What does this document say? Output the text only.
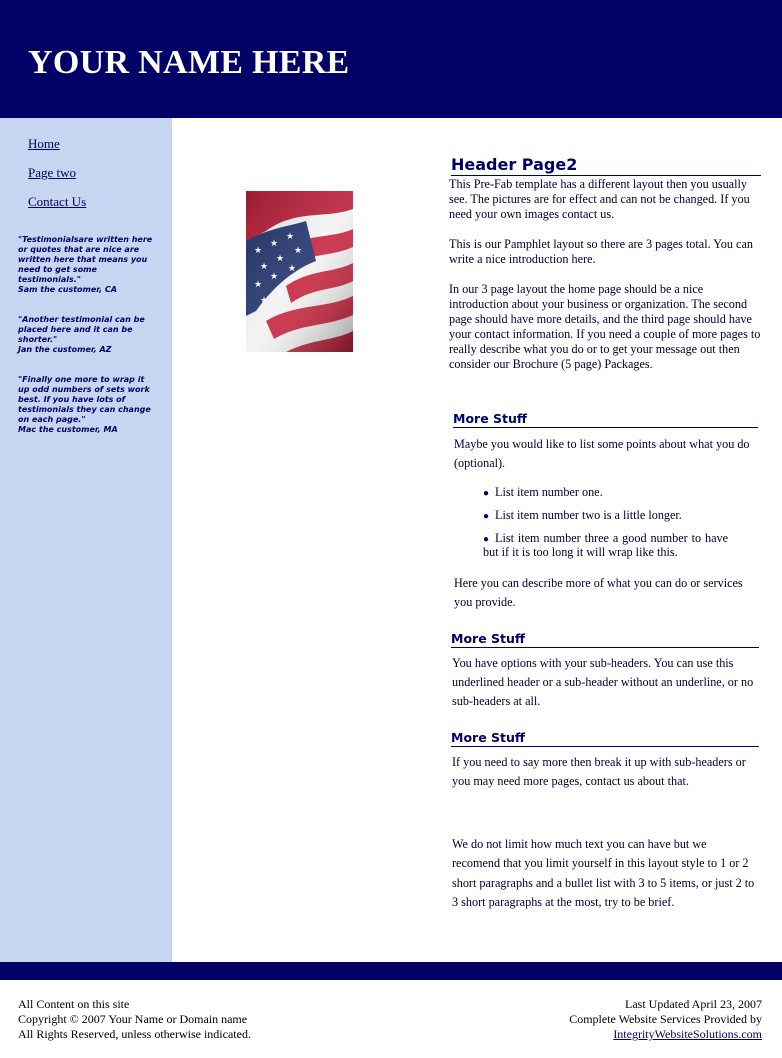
YOUR NAME HERE
Home
Page two
Contact Us
"Testimonialsare written here or quotes that are nice are written here that means you need to get some testimonials."
Sam the customer, CA
"Another testimonial can be placed here and it can be shorter."
Jan the customer, AZ
"Finally one more to wrap it up odd numbers of sets work best. If you have lots of testimonials they can change on each page."
Mac the customer, MA
Header Page2

This Pre-Fab template has a different layout then you usually see. The pictures are for effect and can not be changed. If you need your own images contact us.

This is our Pamphlet layout so there are 3 pages total. You can write a nice introduction here.

In our 3 page layout the home page should be a nice introduction about your business or organization. The second page should have more details, and the third page should have your contact information. If you need a couple of more pages to really describe what you do or to get your message out then consider our Brochure (5 page) Packages.

More Stuff

Maybe you would like to list some points about what you do (optional).

● List item number one.
● List item number two is a little longer.
● List item number three a good number to have but if it is too long it will wrap like this.

Here you can describe more of what you can do or services you provide.

More Stuff

You have options with your sub-headers. You can use this underlined header or a sub-header without an underline, or no sub-headers at all.

More Stuff

If you need to say more then break it up with sub-headers or you may need more pages, contact us about that.

We do not limit how much text you can have but we recomend that you limit yourself in this layout style to 1 or 2 short paragraphs and a bullet list with 3 to 5 items, or just 2 to 3 short paragraphs at the most, try to be brief.

All Content on this site
Copyright © 2007 Your Name or Domain name
All Rights Reserved, unless otherwise indicated.
Last Updated April 23, 2007
Complete Website Services Provided by
IntegrityWebsiteSolutions.com
